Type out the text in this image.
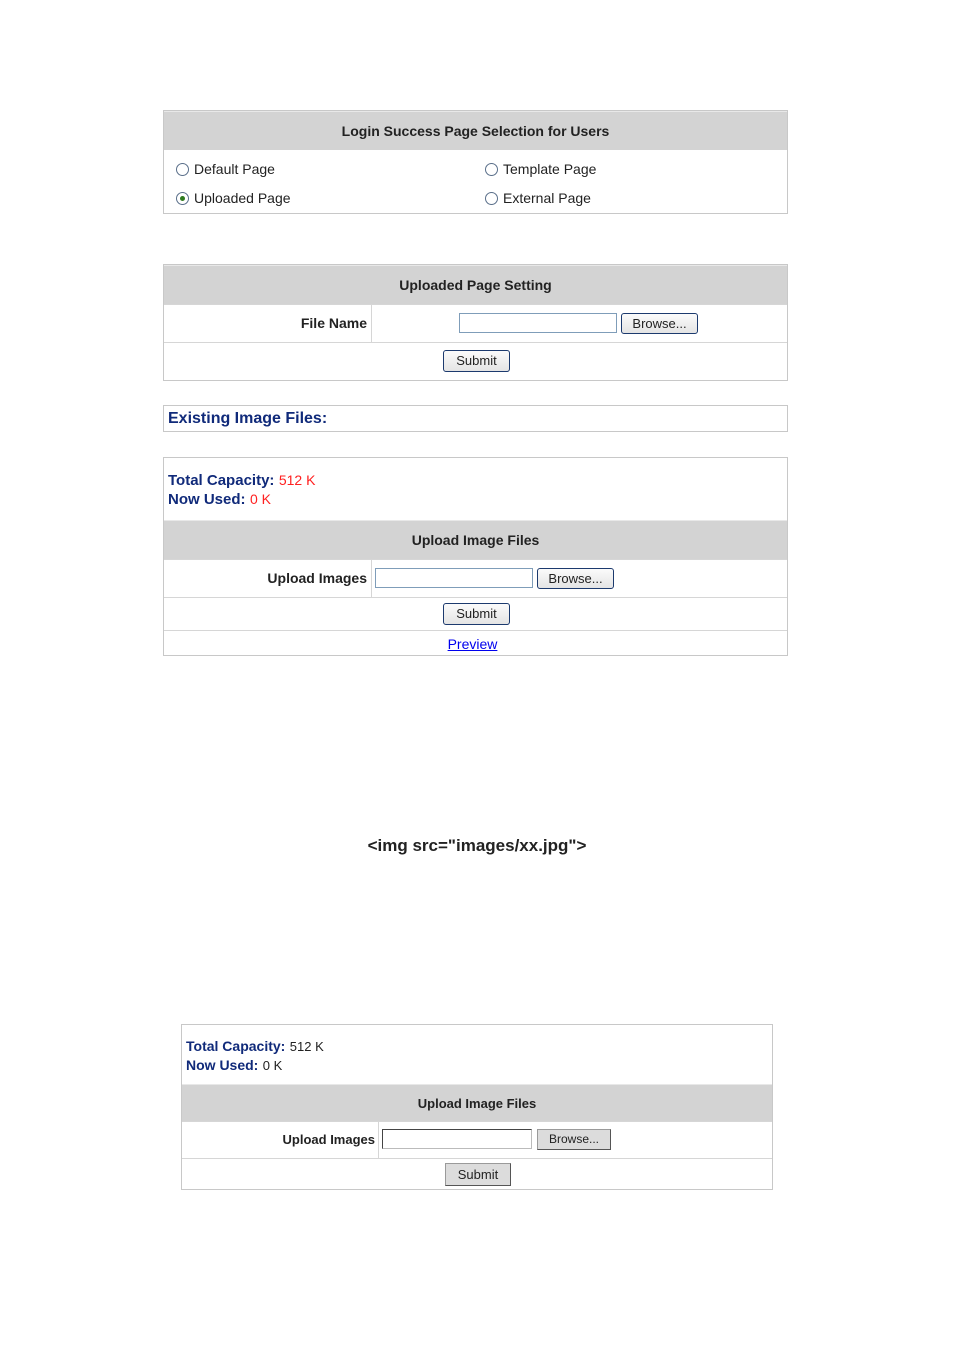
Login Success Page Selection for Users
Default Page	Template Page
Uploaded Page	External Page
Uploaded Page Setting
File Name	Browse...
Submit
Existing Image Files:
Total Capacity: 512 K
Now Used: 0 K
Upload Image Files
Upload Images	Browse...
Submit
Preview
<img src="images/xx.jpg">
Total Capacity: 512 K
Now Used: 0 K
Upload Image Files
Upload Images	Browse...
Submit
